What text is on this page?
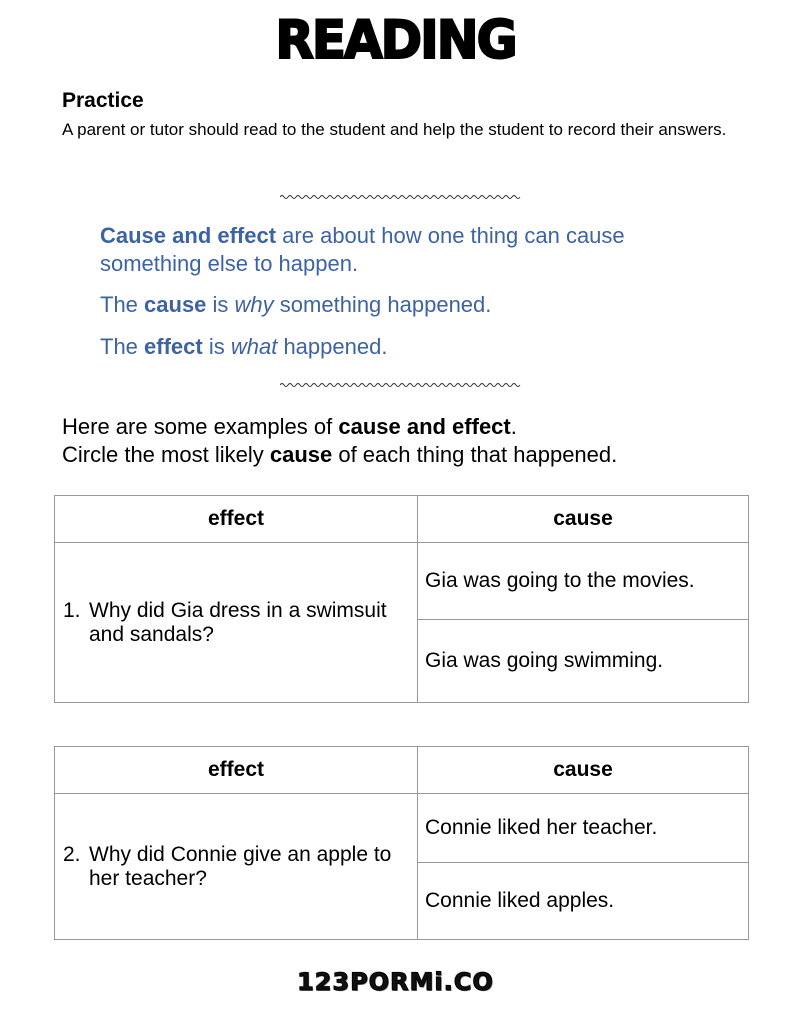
READING
Practice
A parent or tutor should read to the student and help the student to record their answers.
Cause and effect are about how one thing can cause something else to happen.
The cause is why something happened.
The effect is what happened.
Here are some examples of cause and effect.
Circle the most likely cause of each thing that happened.
effect	cause

1. Why did Gia dress in a swimsuit and sandals?	Gia was going to the movies.
	Gia was going swimming.
effect	cause

2. Why did Connie give an apple to her teacher?	Connie liked her teacher.
	Connie liked apples.
123PORMi.CO
